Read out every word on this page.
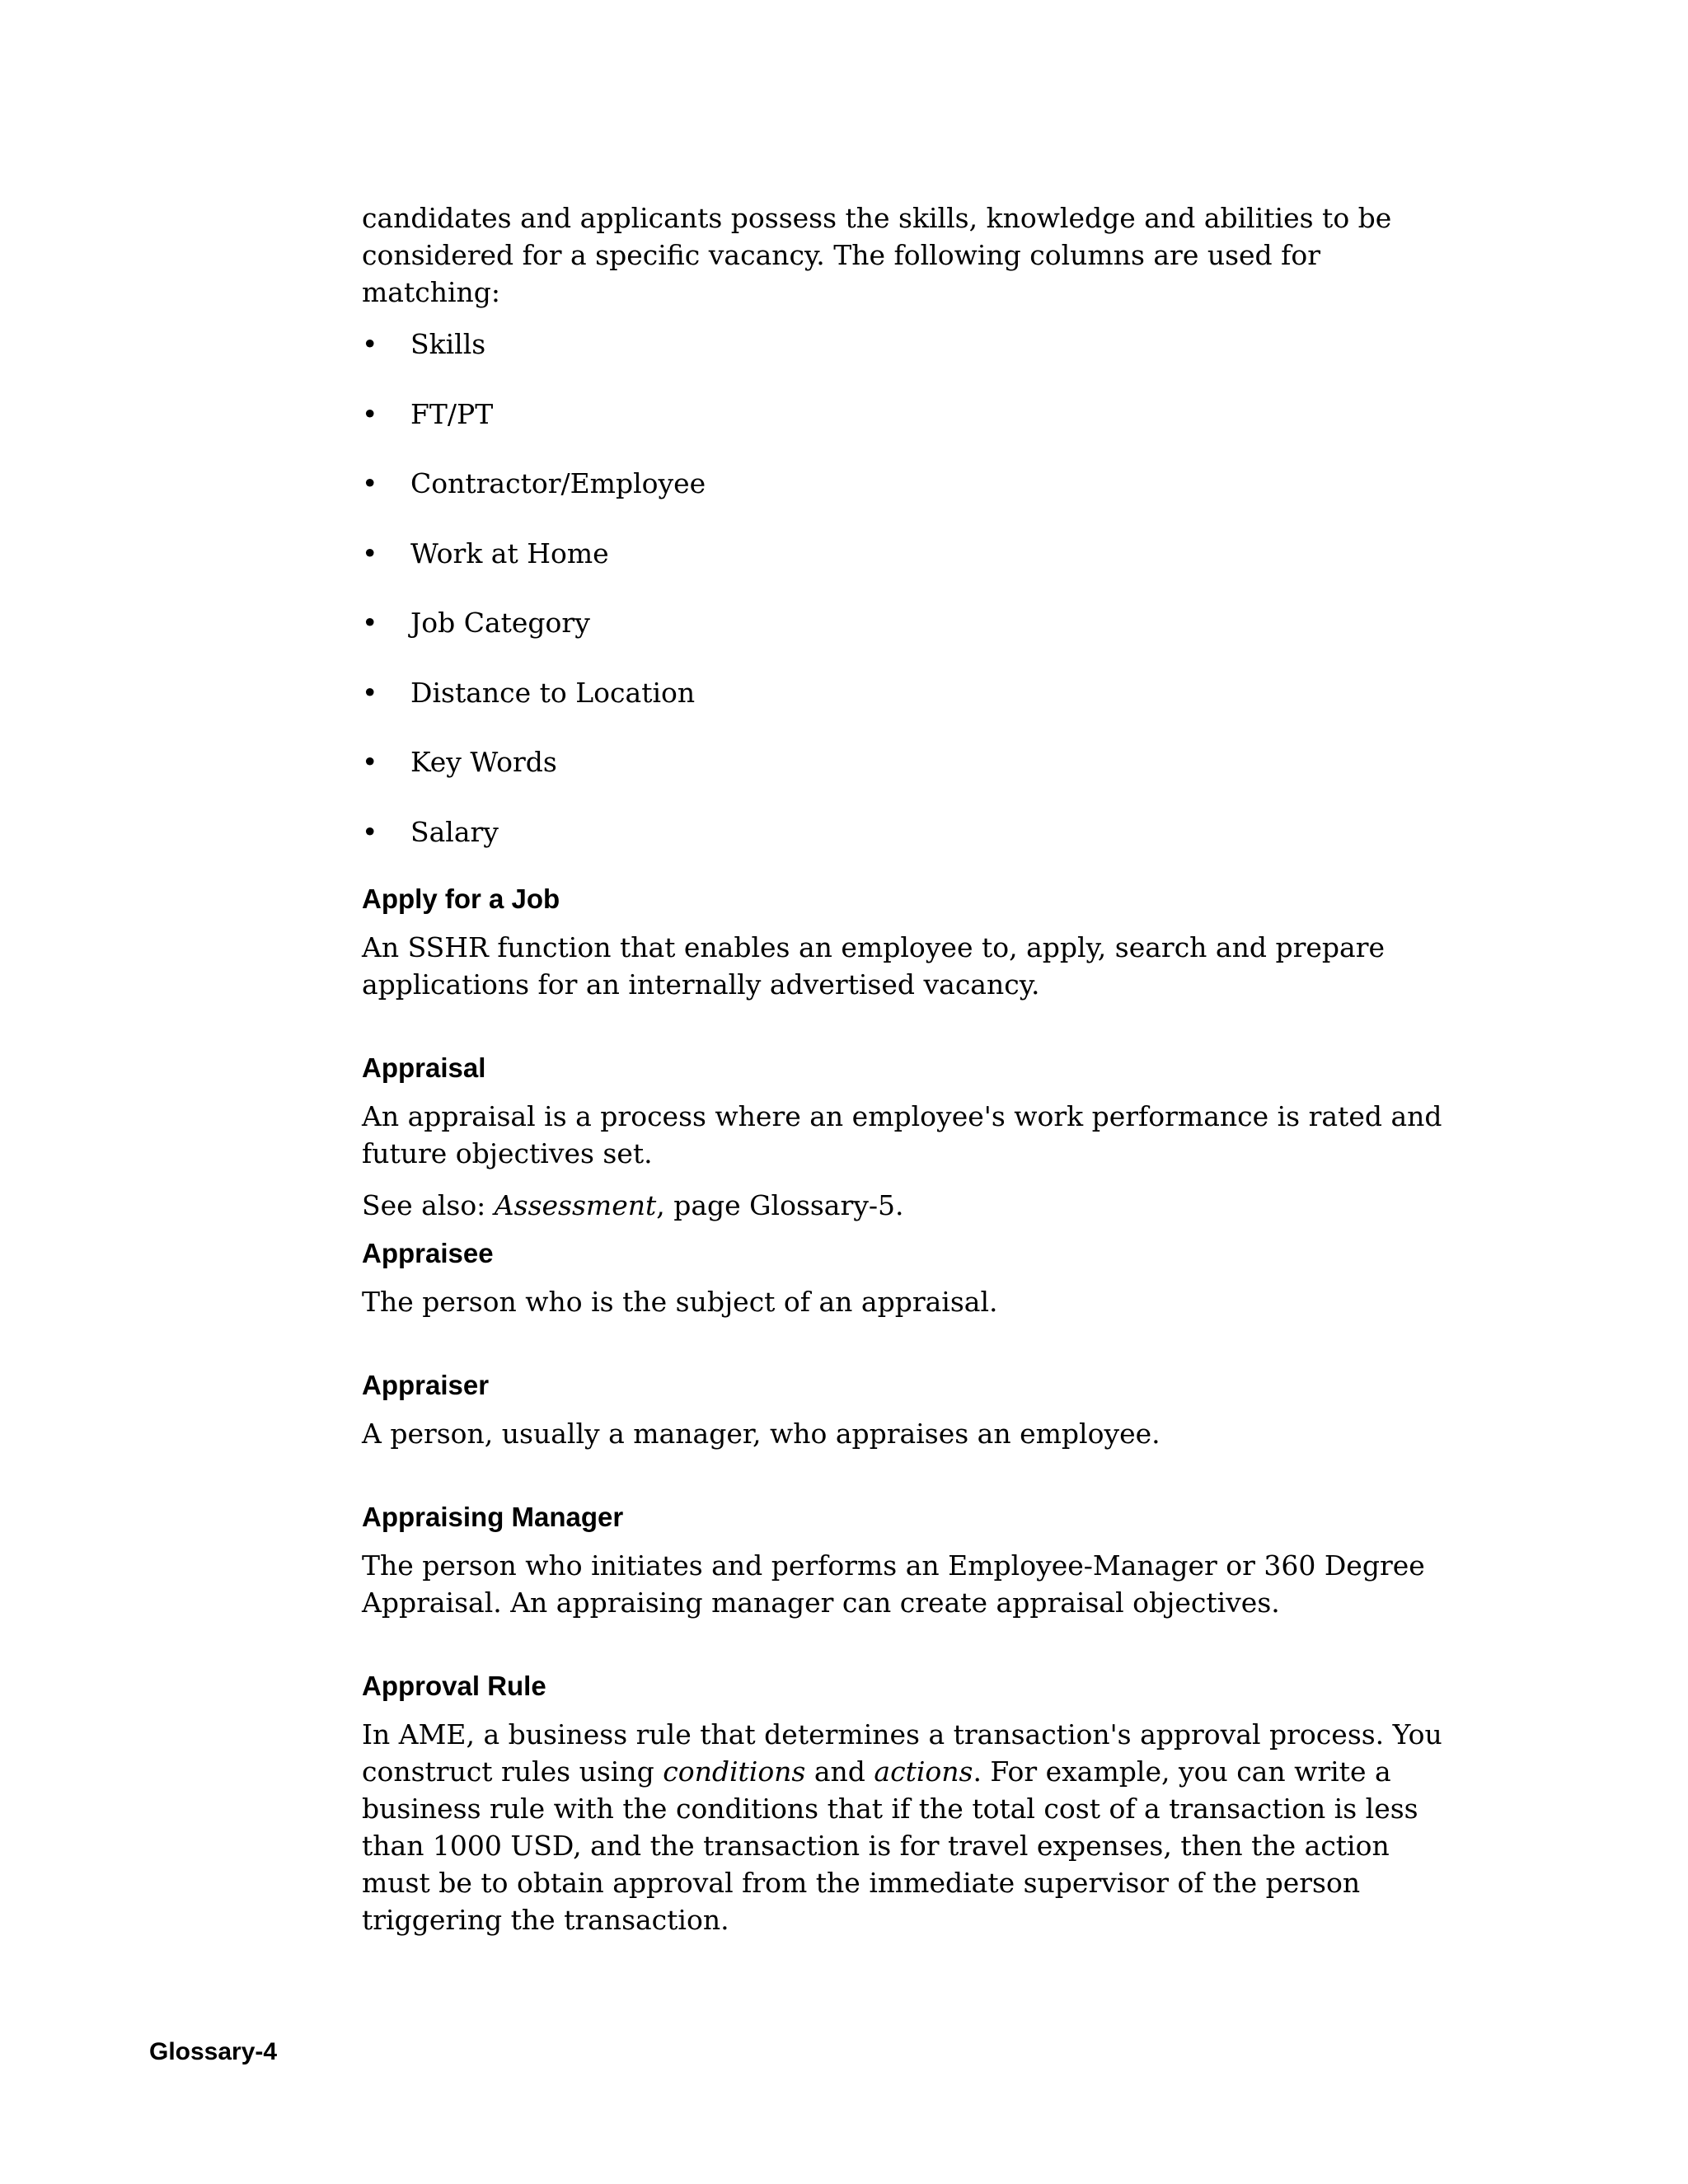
candidates and applicants possess the skills, knowledge and abilities to be considered for a specific vacancy. The following columns are used for matching:

• Skills
• FT/PT
• Contractor/Employee
• Work at Home
• Job Category
• Distance to Location
• Key Words
• Salary
Apply for a Job

An SSHR function that enables an employee to, apply, search and prepare applications for an internally advertised vacancy.

Appraisal

An appraisal is a process where an employee's work performance is rated and future objectives set.

See also: Assessment, page Glossary-5.

Appraisee

The person who is the subject of an appraisal.

Appraiser

A person, usually a manager, who appraises an employee.

Appraising Manager

The person who initiates and performs an Employee-Manager or 360 Degree Appraisal. An appraising manager can create appraisal objectives.

Approval Rule

In AME, a business rule that determines a transaction's approval process. You construct rules using conditions and actions. For example, you can write a business rule with the conditions that if the total cost of a transaction is less than 1000 USD, and the transaction is for travel expenses, then the action must be to obtain approval from the immediate supervisor of the person triggering the transaction.

Glossary-4
